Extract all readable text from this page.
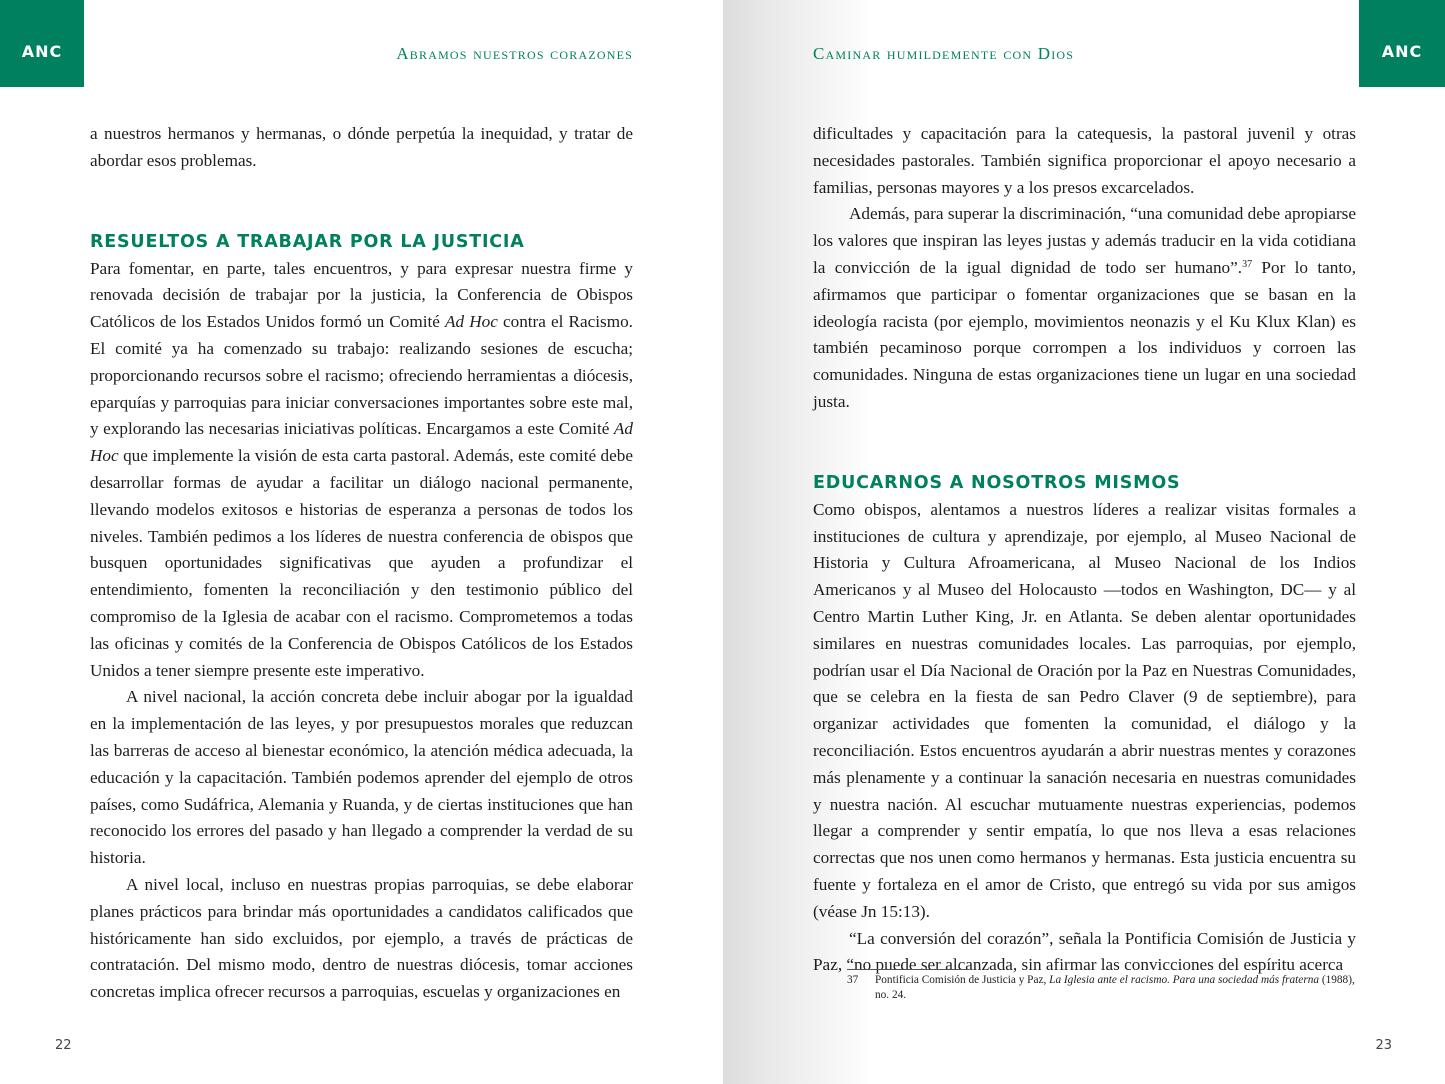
ANC	Abramos nuestros corazones

a nuestros hermanos y hermanas, o dónde perpetúa la inequidad, y tratar de abordar esos problemas.

RESUELTOS A TRABAJAR POR LA JUSTICIA

Para fomentar, en parte, tales encuentros, y para expresar nuestra firme y renovada decisión de trabajar por la justicia, la Conferencia de Obispos Católicos de los Estados Unidos formó un Comité Ad Hoc contra el Racismo. El comité ya ha comenzado su trabajo: realizando sesiones de escucha; proporcionando recursos sobre el racismo; ofreciendo herramientas a diócesis, eparquías y parroquias para iniciar conversaciones importantes sobre este mal, y explorando las necesarias iniciativas políticas. Encargamos a este Comité Ad Hoc que implemente la visión de esta carta pastoral. Además, este comité debe desarrollar formas de ayudar a facilitar un diálogo nacional permanente, llevando modelos exitosos e historias de esperanza a personas de todos los niveles. También pedimos a los líderes de nuestra conferencia de obispos que busquen oportunidades significativas que ayuden a profundizar el entendimiento, fomenten la reconciliación y den testimonio público del compromiso de la Iglesia de acabar con el racismo. Comprometemos a todas las oficinas y comités de la Conferencia de Obispos Católicos de los Estados Unidos a tener siempre presente este imperativo.

A nivel nacional, la acción concreta debe incluir abogar por la igualdad en la implementación de las leyes, y por presupuestos morales que reduzcan las barreras de acceso al bienestar económico, la atención médica adecuada, la educación y la capacitación. También podemos aprender del ejemplo de otros países, como Sudáfrica, Alemania y Ruanda, y de ciertas instituciones que han reconocido los errores del pasado y han llegado a comprender la verdad de su historia.

A nivel local, incluso en nuestras propias parroquias, se debe elaborar planes prácticos para brindar más oportunidades a candidatos calificados que históricamente han sido excluidos, por ejemplo, a través de prácticas de contratación. Del mismo modo, dentro de nuestras diócesis, tomar acciones concretas implica ofrecer recursos a parroquias, escuelas y organizaciones en

22
Caminar humildemente con Dios	ANC

dificultades y capacitación para la catequesis, la pastoral juvenil y otras necesidades pastorales. También significa proporcionar el apoyo necesario a familias, personas mayores y a los presos excarcelados.

Además, para superar la discriminación, “una comunidad debe apropiarse los valores que inspiran las leyes justas y además traducir en la vida cotidiana la convicción de la igual dignidad de todo ser humano”.$^{37}$ Por lo tanto, afirmamos que participar o fomentar organizaciones que se basan en la ideología racista (por ejemplo, movimientos neonazis y el Ku Klux Klan) es también pecaminoso porque corrompen a los individuos y corroen las comunidades. Ninguna de estas organizaciones tiene un lugar en una sociedad justa.

EDUCARNOS A NOSOTROS MISMOS

Como obispos, alentamos a nuestros líderes a realizar visitas formales a instituciones de cultura y aprendizaje, por ejemplo, al Museo Nacional de Historia y Cultura Afroamericana, al Museo Nacional de los Indios Americanos y al Museo del Holocausto —todos en Washington, DC— y al Centro Martin Luther King, Jr. en Atlanta. Se deben alentar oportunidades similares en nuestras comunidades locales. Las parroquias, por ejemplo, podrían usar el Día Nacional de Oración por la Paz en Nuestras Comunidades, que se celebra en la fiesta de san Pedro Claver (9 de septiembre), para organizar actividades que fomenten la comunidad, el diálogo y la reconciliación. Estos encuentros ayudarán a abrir nuestras mentes y corazones más plenamente y a continuar la sanación necesaria en nuestras comunidades y nuestra nación. Al escuchar mutuamente nuestras experiencias, podemos llegar a comprender y sentir empatía, lo que nos lleva a esas relaciones correctas que nos unen como hermanos y hermanas. Esta justicia encuentra su fuente y fortaleza en el amor de Cristo, que entregó su vida por sus amigos (véase Jn 15:13).

“La conversión del corazón”, señala la Pontificia Comisión de Justicia y Paz, “no puede ser alcanzada, sin afirmar las convicciones del espíritu acerca

37	Pontificia Comisión de Justicia y Paz, La Iglesia ante el racismo. Para una sociedad más fraterna (1988), no. 24.
23
